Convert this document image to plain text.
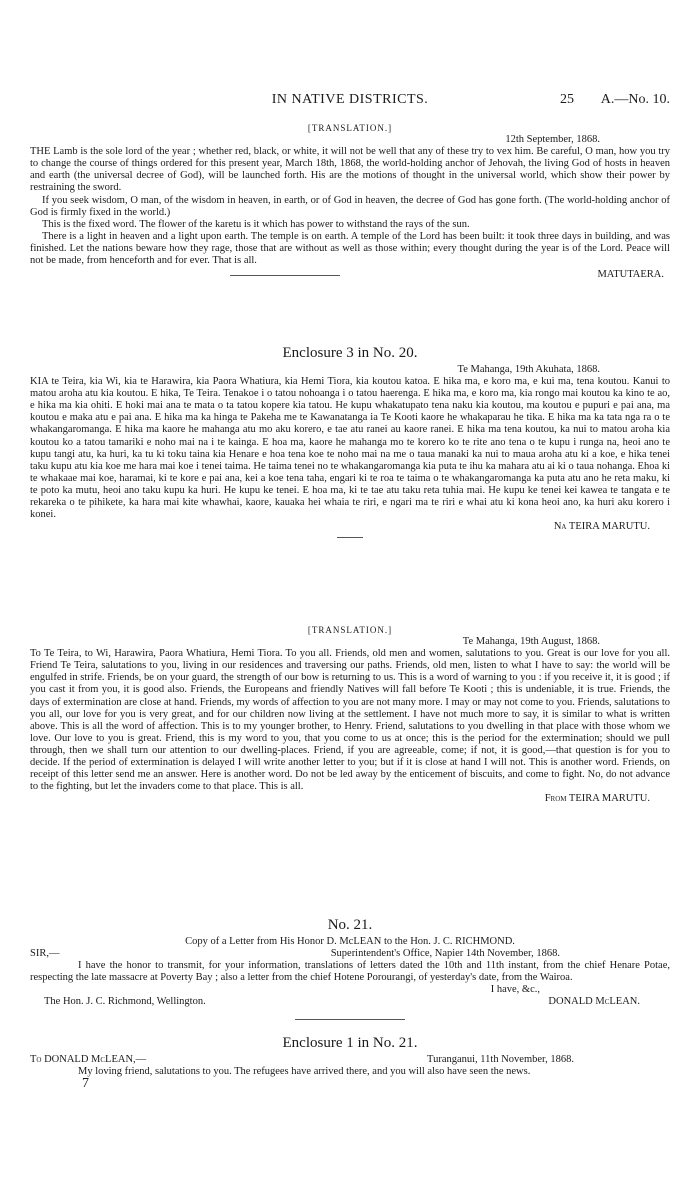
IN NATIVE DISTRICTS.	25 A.—No. 10.
[TRANSLATION.]
12th September, 1868.

THE Lamb is the sole lord of the year ; whether red, black, or white, it will not be well that any of these try to vex him. Be careful, O man, how you try to change the course of things ordered for this present year, March 18th, 1868, the world-holding anchor of Jehovah, the living God of hosts in heaven and earth (the universal decree of God), will be launched forth. His are the motions of thought in the universal world, which show their power by restraining the sword.

If you seek wisdom, O man, of the wisdom in heaven, in earth, or of God in heaven, the decree of God has gone forth. (The world-holding anchor of God is firmly fixed in the world.)

This is the fixed word. The flower of the karetu is it which has power to withstand the rays of the sun.

There is a light in heaven and a light upon earth. The temple is on earth. A temple of the Lord has been built: it took three days in building, and was finished. Let the nations beware how they rage, those that are without as well as those within; every thought during the year is of the Lord. Peace will not be made, from henceforth and for ever. That is all.

MATUTAERA.
Enclosure 3 in No. 20.
Te Mahanga, 19th Akuhata, 1868.

KIA te Teira, kia Wi, kia te Harawira, kia Paora Whatiura, kia Hemi Tiora, kia koutou katoa. E hika ma, e koro ma, e kui ma, tena koutou. Kanui to matou aroha atu kia koutou. E hika, Te Teira. Tenakoe i o tatou nohoanga i o tatou haerenga. E hika ma, e koro ma, kia rongo mai koutou ka kino te ao, e hika ma kia ohiti. E hoki mai ana te mata o ta tatou kopere kia tatou. He kupu whakatupato tena naku kia koutou, ma koutou e pupuri e pai ana, ma koutou e maka atu e pai ana. E hika ma ka hinga te Pakeha me te Kawanatanga ia Te Kooti kaore he whakaparau he tika. E hika ma ka tata nga ra o te whakangaromanga. E hika ma kaore he mahanga atu mo aku korero, e tae atu ranei au kaore ranei. E hika ma tena koutou, ka nui to matou aroha kia koutou ko a tatou tamariki e noho mai na i te kainga. E hoa ma, kaore he mahanga mo te korero ko te rite ano tena o te kupu i runga na, heoi ano te kupu tangi atu, ka huri, ka tu ki toku taina kia Henare e hoa tena koe te noho mai na me o taua manaki ka nui to maua aroha atu ki a koe, e hika tenei taku kupu atu kia koe me hara mai koe i tenei taima. He taima tenei no te whakangaromanga kia puta te ihu ka mahara atu ai ki o taua nohanga. Ehoa ki te whakaae mai koe, haramai, ki te kore e pai ana, kei a koe tena taha, engari ki te roa te taima o te whakangaromanga ka puta atu ano he reta maku, ki te poto ka mutu, heoi ano taku kupu ka huri. He kupu ke tenei. E hoa ma, ki te tae atu taku reta tuhia mai. He kupu ke tenei kei kawea te tangata e te rekareka o te pihikete, ka hara mai kite whawhai, kaore, kauaka hei whaia te riri, e ngari ma te riri e whai atu ki kona heoi ano, ka huri aku korero i konei.

Na TEIRA MARUTU.
[TRANSLATION.]
Te Mahanga, 19th August, 1868.

To Te Teira, to Wi, Harawira, Paora Whatiura, Hemi Tiora. To you all. Friends, old men and women, salutations to you. Great is our love for you all. Friend Te Teira, salutations to you, living in our residences and traversing our paths. Friends, old men, listen to what I have to say: the world will be engulfed in strife. Friends, be on your guard, the strength of our bow is returning to us. This is a word of warning to you : if you receive it, it is good ; if you cast it from you, it is good also. Friends, the Europeans and friendly Natives will fall before Te Kooti ; this is undeniable, it is true. Friends, the days of extermination are close at hand. Friends, my words of affection to you are not many more. I may or may not come to you. Friends, salutations to you all, our love for you is very great, and for our children now living at the settlement. I have not much more to say, it is similar to what is written above. This is all the word of affection. This is to my younger brother, to Henry. Friend, salutations to you dwelling in that place with those whom we love. Our love to you is great. Friend, this is my word to you, that you come to us at once; this is the period for the extermination; should we pull through, then we shall turn our attention to our dwelling-places. Friend, if you are agreeable, come; if not, it is good,—that question is for you to decide. If the period of extermination is delayed I will write another letter to you; but if it is close at hand I will not. This is another word. Friends, on receipt of this letter send me an answer. Here is another word. Do not be led away by the enticement of biscuits, and come to fight. No, do not advance to the fighting, but let the invaders come to that place. This is all.

From TEIRA MARUTU.
No. 21.
Copy of a Letter from His Honor D. McLEAN to the Hon. J. C. RICHMOND.
SIR,—	Superintendent's Office, Napier 14th November, 1868.

I have the honor to transmit, for your information, translations of letters dated the 10th and 11th instant, from the chief Henare Potae, respecting the late massacre at Poverty Bay ; also a letter from the chief Hotene Porourangi, of yesterday's date, from the Wairoa.

I have, &c.,
The Hon. J. C. Richmond, Wellington.	DONALD McLEAN.
Enclosure 1 in No. 21.
To DONALD McLEAN,—	Turanganui, 11th November, 1868.

My loving friend, salutations to you. The refugees have arrived there, and you will also have seen the news.

7
